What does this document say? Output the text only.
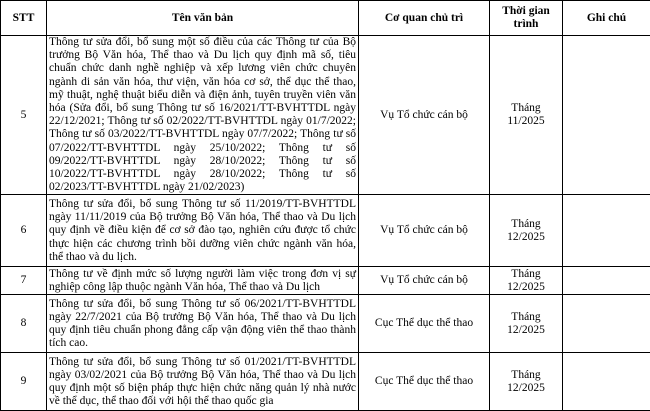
STT	Tên văn bản	Cơ quan chủ trì	Thời gian trình	Ghi chú
5	Thông tư sửa đổi, bổ sung một số điều của các Thông tư của Bộ trưởng Bộ Văn hóa, Thể thao và Du lịch quy định mã số, tiêu chuẩn chức danh nghề nghiệp và xếp lương viên chức chuyên ngành di sản văn hóa, thư viện, văn hóa cơ sở, thể dục thể thao, mỹ thuật, nghệ thuật biểu diễn và điện ảnh, tuyên truyền viên văn hóa (Sửa đổi, bổ sung Thông tư số 16/2021/TT-BVHTTDL ngày 22/12/2021; Thông tư số 02/2022/TT-BVHTTDL ngày 01/7/2022; Thông tư số 03/2022/TT-BVHTTDL ngày 07/7/2022; Thông tư số 07/2022/TT-BVHTTDL ngày 25/10/2022; Thông tư số 09/2022/TT-BVHTTDL ngày 28/10/2022; Thông tư số 10/2022/TT-BVHTTDL ngày 28/10/2022; Thông tư số 02/2023/TT-BVHTTDL ngày 21/02/2023)	Vụ Tổ chức cán bộ	Tháng 11/2025	
6	Thông tư sửa đổi, bổ sung Thông tư số 11/2019/TT-BVHTTDL ngày 11/11/2019 của Bộ trưởng Bộ Văn hóa, Thể thao và Du lịch quy định về điều kiện để cơ sở đào tạo, nghiên cứu được tổ chức thực hiện các chương trình bồi dưỡng viên chức ngành văn hóa, thể thao và du lịch.	Vụ Tổ chức cán bộ	Tháng 12/2025	
7	Thông tư về định mức số lượng người làm việc trong đơn vị sự nghiệp công lập thuộc ngành Văn hóa, Thể thao và Du lịch	Vụ Tổ chức cán bộ	Tháng 12/2025	
8	Thông tư sửa đổi, bổ sung Thông tư số 06/2021/TT-BVHTTDL ngày 22/7/2021 của Bộ trưởng Bộ Văn hóa, Thể thao và Du lịch quy định tiêu chuẩn phong đẳng cấp vận động viên thể thao thành tích cao.	Cục Thể dục thể thao	Tháng 12/2025	
9	Thông tư sửa đổi, bổ sung Thông tư số 01/2021/TT-BVHTTDL ngày 03/02/2021 của Bộ trưởng Bộ Văn hóa, Thể thao và Du lịch quy định một số biện pháp thực hiện chức năng quản lý nhà nước về thể dục, thể thao đối với hội thể thao quốc gia	Cục Thể dục thể thao	Tháng 12/2025	
